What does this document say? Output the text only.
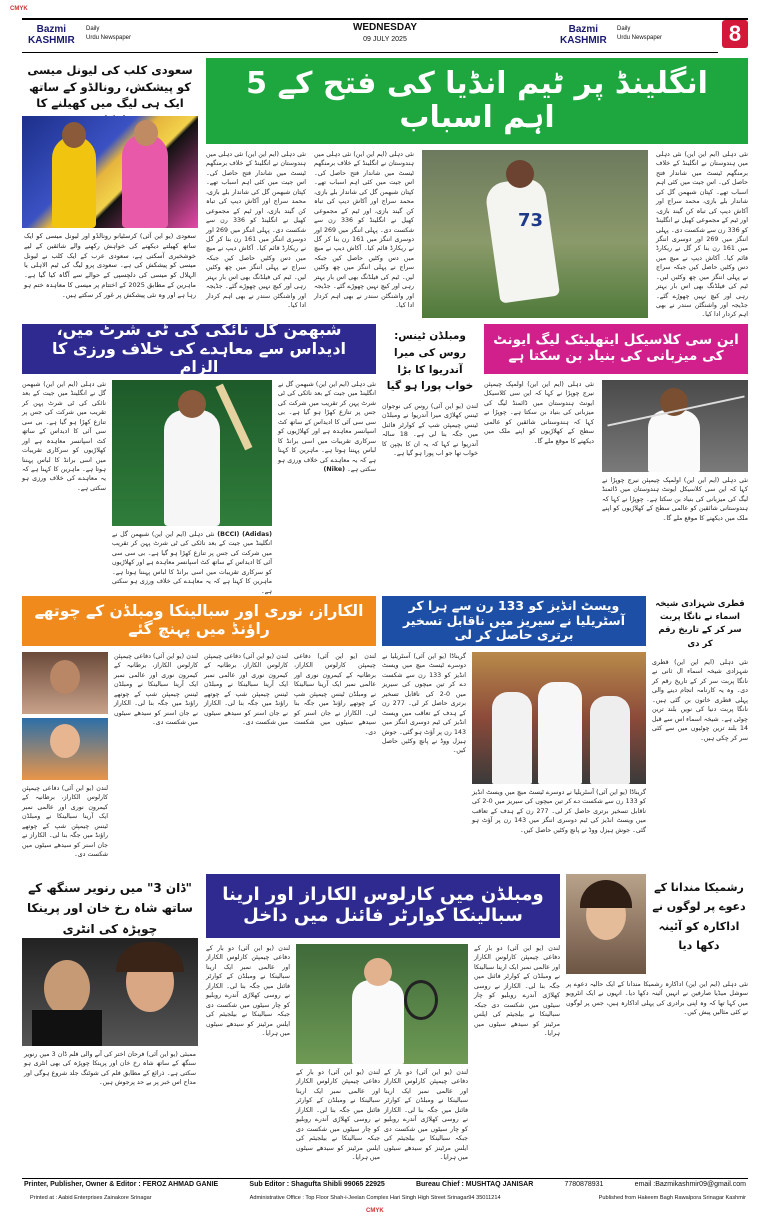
CMYK
Bazmi
KASHMIR
Daily
Urdu Newspaper
WEDNESDAY
09 JULY 2025
Bazmi
KASHMIR
Daily
Urdu Newspaper	8
سعودی کلب کی لیونل میسی کو پیشکش، رونالڈو کے ساتھ ایک ہی لیگ میں کھیلنے کا
سعودی (یو این آئی) کرسٹیانو رونالڈو اور لیونل میسی کو ایک ساتھ کھیلتے دیکھنے کی خواہش رکھنے والے شائقین کے لیے خوشخبری آسکتی ہے، سعودی عرب کے ایک کلب نے لیونل میسی کو پیشکش کی ہے۔ سعودی پرو لیگ کی ٹیم الاہلی یا الہلال کو میسی کی دلچسپی کے حوالے سے آگاہ کیا گیا ہے۔ ماہرین کے مطابق 2025 کے اختتام پر میسی کا معاہدہ ختم ہو رہا ہے اور وہ نئی پیشکش پر غور کر سکتے ہیں۔
انگلینڈ پر ٹیم انڈیا کی فتح کے 5 اہم اسباب
نئی دہلی (ایم این این) نئی دہلی میں ہندوستان نے انگلینڈ کے خلاف برمنگھم ٹیسٹ میں شاندار فتح حاصل کی۔ اس جیت میں کئی اہم اسباب تھے۔ کپتان شبھمن گل کی شاندار بلے بازی، محمد سراج اور آکاش دیپ کی تباہ کن گیند بازی، اور ٹیم کے مجموعی کھیل نے انگلینڈ کو 336 رن سے شکست دی۔ پہلی اننگز میں 269 اور دوسری اننگز میں 161 رن بنا کر گل نے ریکارڈ قائم کیا۔ آکاش دیپ نے میچ میں دس وکٹیں حاصل کیں جبکہ سراج نے پہلی اننگز میں چھ وکٹیں لیں۔ ٹیم کی فیلڈنگ بھی اس بار بہتر رہی اور کیچ نہیں چھوڑے گئے۔ جڈیجہ اور واشنگٹن سندر نے بھی اہم کردار ادا کیا۔
نئی دہلی (ایم این این) نئی دہلی میں ہندوستان نے انگلینڈ کے خلاف برمنگھم ٹیسٹ میں شاندار فتح حاصل کی۔ اس جیت میں کئی اہم اسباب تھے۔ کپتان شبھمن گل کی شاندار بلے بازی، محمد سراج اور آکاش دیپ کی تباہ کن گیند بازی، اور ٹیم کے مجموعی کھیل نے انگلینڈ کو 336 رن سے شکست دی۔ پہلی اننگز میں 269 اور دوسری اننگز میں 161 رن بنا کر گل نے ریکارڈ قائم کیا۔ آکاش دیپ نے میچ میں دس وکٹیں حاصل کیں جبکہ سراج نے پہلی اننگز میں چھ وکٹیں لیں۔ ٹیم کی فیلڈنگ بھی اس بار بہتر رہی اور کیچ نہیں چھوڑے گئے۔ جڈیجہ اور واشنگٹن سندر نے بھی اہم کردار ادا کیا۔
73
نئی دہلی (ایم این این) نئی دہلی میں ہندوستان نے انگلینڈ کے خلاف برمنگھم ٹیسٹ میں شاندار فتح حاصل کی۔ اس جیت میں کئی اہم اسباب تھے۔ کپتان شبھمن گل کی شاندار بلے بازی، محمد سراج اور آکاش دیپ کی تباہ کن گیند بازی، اور ٹیم کے مجموعی کھیل نے انگلینڈ کو 336 رن سے شکست دی۔ پہلی اننگز میں 269 اور دوسری اننگز میں 161 رن بنا کر گل نے ریکارڈ قائم کیا۔ آکاش دیپ نے میچ میں دس وکٹیں حاصل کیں جبکہ سراج نے پہلی اننگز میں چھ وکٹیں لیں۔ ٹیم کی فیلڈنگ بھی اس بار بہتر رہی اور کیچ نہیں چھوڑے گئے۔ جڈیجہ اور واشنگٹن سندر نے بھی اہم کردار ادا کیا۔
شبھمن گل نائکی کی ٹی شرٹ میں، ادیداس سے معاہدے کی خلاف ورزی کا الزام
نئی دہلی (ایم این این) شبھمن گل نے انگلینڈ میں جیت کے بعد نائکی کی ٹی شرٹ پہن کر تقریب میں شرکت کی جس پر تنازع کھڑا ہو گیا ہے۔ بی سی سی آئی کا ادیداس کے ساتھ کٹ اسپانسر معاہدہ ہے اور کھلاڑیوں کو سرکاری تقریبات میں اسی برانڈ کا لباس پہننا ہوتا ہے۔ ماہرین کا کہنا ہے کہ یہ معاہدے کی خلاف ورزی ہو سکتی ہے۔
(Adidas) (BCCI) نئی دہلی (ایم این این) شبھمن گل نے انگلینڈ میں جیت کے بعد نائکی کی ٹی شرٹ پہن کر تقریب میں شرکت کی جس پر تنازع کھڑا ہو گیا ہے۔ بی سی سی آئی کا ادیداس کے ساتھ کٹ اسپانسر معاہدہ ہے اور کھلاڑیوں کو سرکاری تقریبات میں اسی برانڈ کا لباس پہننا ہوتا ہے۔ ماہرین کا کہنا ہے کہ یہ معاہدے کی خلاف ورزی ہو سکتی ہے۔
نئی دہلی (ایم این این) شبھمن گل نے انگلینڈ میں جیت کے بعد نائکی کی ٹی شرٹ پہن کر تقریب میں شرکت کی جس پر تنازع کھڑا ہو گیا ہے۔ بی سی سی آئی کا ادیداس کے ساتھ کٹ اسپانسر معاہدہ ہے اور کھلاڑیوں کو سرکاری تقریبات میں اسی برانڈ کا لباس پہننا ہوتا ہے۔ ماہرین کا کہنا ہے کہ یہ معاہدے کی خلاف ورزی ہو سکتی ہے۔ (Nike)
ومبلڈن ٹینس: روس کی میرا آندریوا کا بڑا خواب پورا ہو گیا
لندن (یو این آئی) روس کی نوجوان ٹینس کھلاڑی میرا آندریوا نے ومبلڈن ٹینس چیمپئن شپ کے کوارٹر فائنل میں جگہ بنا لی ہے۔ 18 سالہ آندریوا نے کہا کہ یہ ان کا بچپن کا خواب تھا جو اب پورا ہو گیا ہے۔
این سی کلاسیکل ایتھلیٹک لیگ ایونٹ کی میزبانی کی بنیاد بن سکتا ہے
نئی دہلی (ایم این این) اولمپک چیمپئن نیرج چوپڑا نے کہا کہ این سی کلاسیکل ایونٹ ہندوستان میں ڈائمنڈ لیگ کی میزبانی کی بنیاد بن سکتا ہے۔ چوپڑا نے کہا کہ ہندوستانی شائقین کو عالمی سطح کے کھلاڑیوں کو اپنے ملک میں دیکھنے کا موقع ملے گا۔
نئی دہلی (ایم این این) اولمپک چیمپئن نیرج چوپڑا نے کہا کہ این سی کلاسیکل ایونٹ ہندوستان میں ڈائمنڈ لیگ کی میزبانی کی بنیاد بن سکتا ہے۔ چوپڑا نے کہا کہ ہندوستانی شائقین کو عالمی سطح کے کھلاڑیوں کو اپنے ملک میں دیکھنے کا موقع ملے گا۔
الکاراز، نوری اور سبالینکا ومبلڈن کے چوتھے راؤنڈ میں پہنچ گئے
لندن (یو این آئی) دفاعی چیمپئن کارلوس الکاراز، برطانیہ کے کیمرون نوری اور عالمی نمبر ایک آرینا سبالینکا نے ومبلڈن ٹینس چیمپئن شپ کے چوتھے راؤنڈ میں جگہ بنا لی۔ الکاراز نے جان اسنر کو سیدھے سیٹوں میں شکست دی۔
لندن (یو این آئی) دفاعی چیمپئن کارلوس الکاراز، برطانیہ کے کیمرون نوری اور عالمی نمبر ایک آرینا سبالینکا نے ومبلڈن ٹینس چیمپئن شپ کے چوتھے راؤنڈ میں جگہ بنا لی۔ الکاراز نے جان اسنر کو سیدھے سیٹوں میں شکست دی۔
لندن (یو این آئی) دفاعی چیمپئن کارلوس الکاراز، برطانیہ کے کیمرون نوری اور عالمی نمبر ایک آرینا سبالینکا نے ومبلڈن ٹینس چیمپئن شپ کے چوتھے راؤنڈ میں جگہ بنا لی۔ الکاراز نے جان اسنر کو سیدھے سیٹوں میں شکست دی۔
لندن (یو این آئی) دفاعی چیمپئن کارلوس الکاراز، برطانیہ کے کیمرون نوری اور عالمی نمبر ایک آرینا سبالینکا نے ومبلڈن ٹینس چیمپئن شپ کے چوتھے راؤنڈ میں جگہ بنا لی۔ الکاراز نے جان اسنر کو سیدھے سیٹوں میں شکست دی۔
ویسٹ انڈیز کو 133 رن سے ہرا کر آسٹریلیا نے سیریز میں ناقابل تسخیر برتری حاصل کر لی
گریناڈا (یو این آئی) آسٹریلیا نے دوسرے ٹیسٹ میچ میں ویسٹ انڈیز کو 133 رن سے شکست دے کر تین میچوں کی سیریز میں 0-2 کی ناقابل تسخیر برتری حاصل کر لی۔ 277 رن کے ہدف کے تعاقب میں ویسٹ انڈیز کی ٹیم دوسری اننگز میں 143 رن پر آؤٹ ہو گئی۔ جوش ہیزل ووڈ نے پانچ وکٹیں حاصل کیں۔
گریناڈا (یو این آئی) آسٹریلیا نے دوسرے ٹیسٹ میچ میں ویسٹ انڈیز کو 133 رن سے شکست دے کر تین میچوں کی سیریز میں 0-2 کی ناقابل تسخیر برتری حاصل کر لی۔ 277 رن کے ہدف کے تعاقب میں ویسٹ انڈیز کی ٹیم دوسری اننگز میں 143 رن پر آؤٹ ہو گئی۔ جوش ہیزل ووڈ نے پانچ وکٹیں حاصل کیں۔
قطری شہزادی شیخہ اسماء نے نانگا پربت سر کر کے تاریخ رقم کر دی
نئی دہلی (ایم این این) قطری شہزادی شیخہ اسماء ال ثانی نے نانگا پربت سر کر کے تاریخ رقم کر دی۔ وہ یہ کارنامہ انجام دینے والی پہلی قطری خاتون بن گئی ہیں۔ نانگا پربت دنیا کی نویں بلند ترین چوٹی ہے۔ شیخہ اسماء اس سے قبل 14 بلند ترین چوٹیوں میں سے کئی سر کر چکی ہیں۔
"ڈان 3" میں رنویر سنگھ کے ساتھ شاہ رخ خان اور پرینکا چوپڑہ کی انٹری
ممبئی (یو این آئی) فرحان اختر کی آنے والی فلم ڈان 3 میں رنویر سنگھ کے ساتھ شاہ رخ خان اور پرینکا چوپڑہ کی بھی انٹری ہو سکتی ہے۔ ذرائع کے مطابق فلم کی شوٹنگ جلد شروع ہوگی اور مداح اس خبر پر بے حد پرجوش ہیں۔
ومبلڈن میں کارلوس الکاراز اور ارینا سبالینکا کوارٹر فائنل میں داخل
لندن (یو این آئی) دو بار کے دفاعی چیمپئن کارلوس الکاراز اور عالمی نمبر ایک ارینا سبالینکا نے ومبلڈن کے کوارٹر فائنل میں جگہ بنا لی۔ الکاراز نے روسی کھلاڑی آندرے روبلیو کو چار سیٹوں میں شکست دی جبکہ سبالینکا نے بیلجیئم کی ایلس مرٹینز کو سیدھے سیٹوں میں ہرایا۔
لندن (یو این آئی) دو بار کے دفاعی چیمپئن کارلوس الکاراز اور عالمی نمبر ایک ارینا سبالینکا نے ومبلڈن کے کوارٹر فائنل میں جگہ بنا لی۔ الکاراز نے روسی کھلاڑی آندرے روبلیو کو چار سیٹوں میں شکست دی جبکہ سبالینکا نے بیلجیئم کی ایلس مرٹینز کو سیدھے سیٹوں میں ہرایا۔
لندن (یو این آئی) دو بار کے دفاعی چیمپئن کارلوس الکاراز اور عالمی نمبر ایک ارینا سبالینکا نے ومبلڈن کے کوارٹر فائنل میں جگہ بنا لی۔ الکاراز نے روسی کھلاڑی آندرے روبلیو کو چار سیٹوں میں شکست دی جبکہ سبالینکا نے بیلجیئم کی ایلس مرٹینز کو سیدھے سیٹوں میں ہرایا۔
لندن (یو این آئی) دو بار کے دفاعی چیمپئن کارلوس الکاراز اور عالمی نمبر ایک ارینا سبالینکا نے ومبلڈن کے کوارٹر فائنل میں جگہ بنا لی۔ الکاراز نے روسی کھلاڑی آندرے روبلیو کو چار سیٹوں میں شکست دی جبکہ سبالینکا نے بیلجیئم کی ایلس مرٹینز کو سیدھے سیٹوں میں ہرایا۔
رشمیکا مندانا کے دعوے پر لوگوں نے اداکارہ کو آئینہ دکھا دیا
نئی دہلی (ایم این این) اداکارہ رشمیکا مندانا کے ایک حالیہ دعوے پر سوشل میڈیا صارفین نے انہیں آئینہ دکھا دیا۔ انہوں نے ایک انٹرویو میں کہا تھا کہ وہ اپنی برادری کی پہلی اداکارہ ہیں، جس پر لوگوں نے کئی مثالیں پیش کیں۔
Printer, Publisher, Owner & Editor : FEROZ AHMAD GANIE	Sub Editor : Shagufta Shibli 99065 22925	Bureau Chief : MUSHTAQ JANISAR	7780878931	email :Bazmikashmir09@gmail.com
Printed at : Aabid Enterprises Zainakore Srinagar	Administrative Office : Top Floor Shah-i-Jeelan Complex Hari Singh High Street Srinagar94 35011214	Published from Hakeem Bagh Rawalpora Srinagar Kashmir
CMYK
